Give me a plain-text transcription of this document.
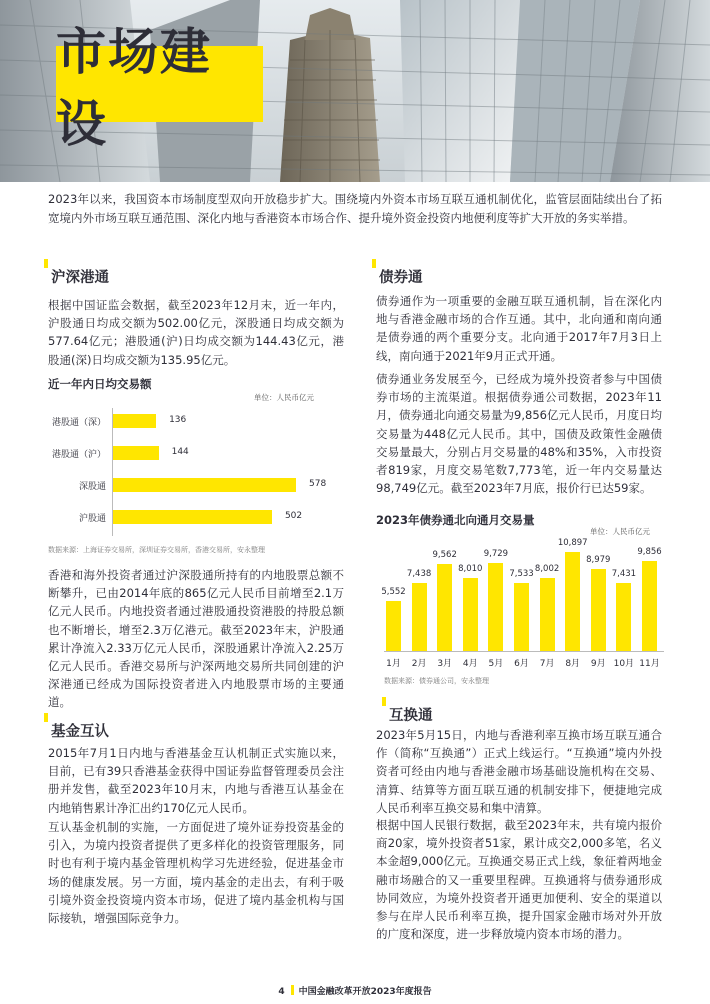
市场建设

2023年以来，我国资本市场制度型双向开放稳步扩大。围绕境内外资本市场互联互通机制优化，监管层面陆续出台了拓宽境内外市场互联互通范围、深化内地与香港资本市场合作、提升境外资金投资内地便利度等扩大开放的务实举措。

沪深港通

根据中国证监会数据，截至2023年12月末，近一年内，沪股通日均成交额为502.00亿元，深股通日均成交额为577.64亿元；港股通(沪)日均成交额为144.43亿元，港股通(深)日均成交额为135.95亿元。

近一年内日均交易额
单位：人民币亿元
港股通（深）	136
港股通（沪）	144
深股通	578
沪股通	502
数据来源：上海证券交易所，深圳证券交易所，香港交易所，安永整理

香港和海外投资者通过沪深股通所持有的内地股票总额不断攀升，已由2014年底的865亿元人民币目前增至2.1万亿元人民币。内地投资者通过港股通投资港股的持股总额也不断增长，增至2.3万亿港元。截至2023年末，沪股通累计净流入2.33万亿元人民币，深股通累计净流入2.25万亿元人民币。香港交易所与沪深两地交易所共同创建的沪深港通已经成为国际投资者进入内地股票市场的主要通道。

基金互认

2015年7月1日内地与香港基金互认机制正式实施以来，目前，已有39只香港基金获得中国证券监督管理委员会注册并发售，截至2023年10月末，内地与香港互认基金在内地销售累计净汇出约170亿元人民币。

互认基金机制的实施，一方面促进了境外证券投资基金的引入，为境内投资者提供了更多样化的投资管理服务，同时也有利于境内基金管理机构学习先进经验，促进基金市场的健康发展。另一方面，境内基金的走出去，有利于吸引境外资金投资境内资本市场，促进了境内基金机构与国际接轨，增强国际竞争力。

债券通

债券通作为一项重要的金融互联互通机制，旨在深化内地与香港金融市场的合作互通。其中，北向通和南向通是债券通的两个重要分支。北向通于2017年7月3日上线，南向通于2021年9月正式开通。

债券通业务发展至今，已经成为境外投资者参与中国债券市场的主流渠道。根据债券通公司数据，2023年11月，债券通北向通交易量为9,856亿元人民币，月度日均交易量为448亿元人民币。其中，国债及政策性金融债交易量最大，分别占月交易量的48%和35%，入市投资者819家，月度交易笔数7,773笔，近一年内交易量达98,749亿元。截至2023年7月底，报价行已达59家。

2023年债券通北向通月交易量
单位：人民币亿元
5,552
1月
7,438
2月
9,562
3月
8,010
4月
9,729
5月
7,533
6月
8,002
7月
10,897
8月
8,979
9月
7,431
10月
9,856
11月
数据来源：债券通公司，安永整理
互换通

2023年5月15日，内地与香港利率互换市场互联互通合作（简称“互换通”）正式上线运行。“互换通”境内外投资者可经由内地与香港金融市场基础设施机构在交易、清算、结算等方面互联互通的机制安排下，便捷地完成人民币利率互换交易和集中清算。

根据中国人民银行数据，截至2023年末，共有境内报价商20家，境外投资者51家，累计成交2,000多笔，名义本金超9,000亿元。互换通交易正式上线，象征着两地金融市场融合的又一重要里程碑。互换通将与债券通形成协同效应，为境外投资者开通更加便利、安全的渠道以参与在岸人民币利率互换，提升国家金融市场对外开放的广度和深度，进一步释放境内资本市场的潜力。

4 中国金融改革开放2023年度报告
